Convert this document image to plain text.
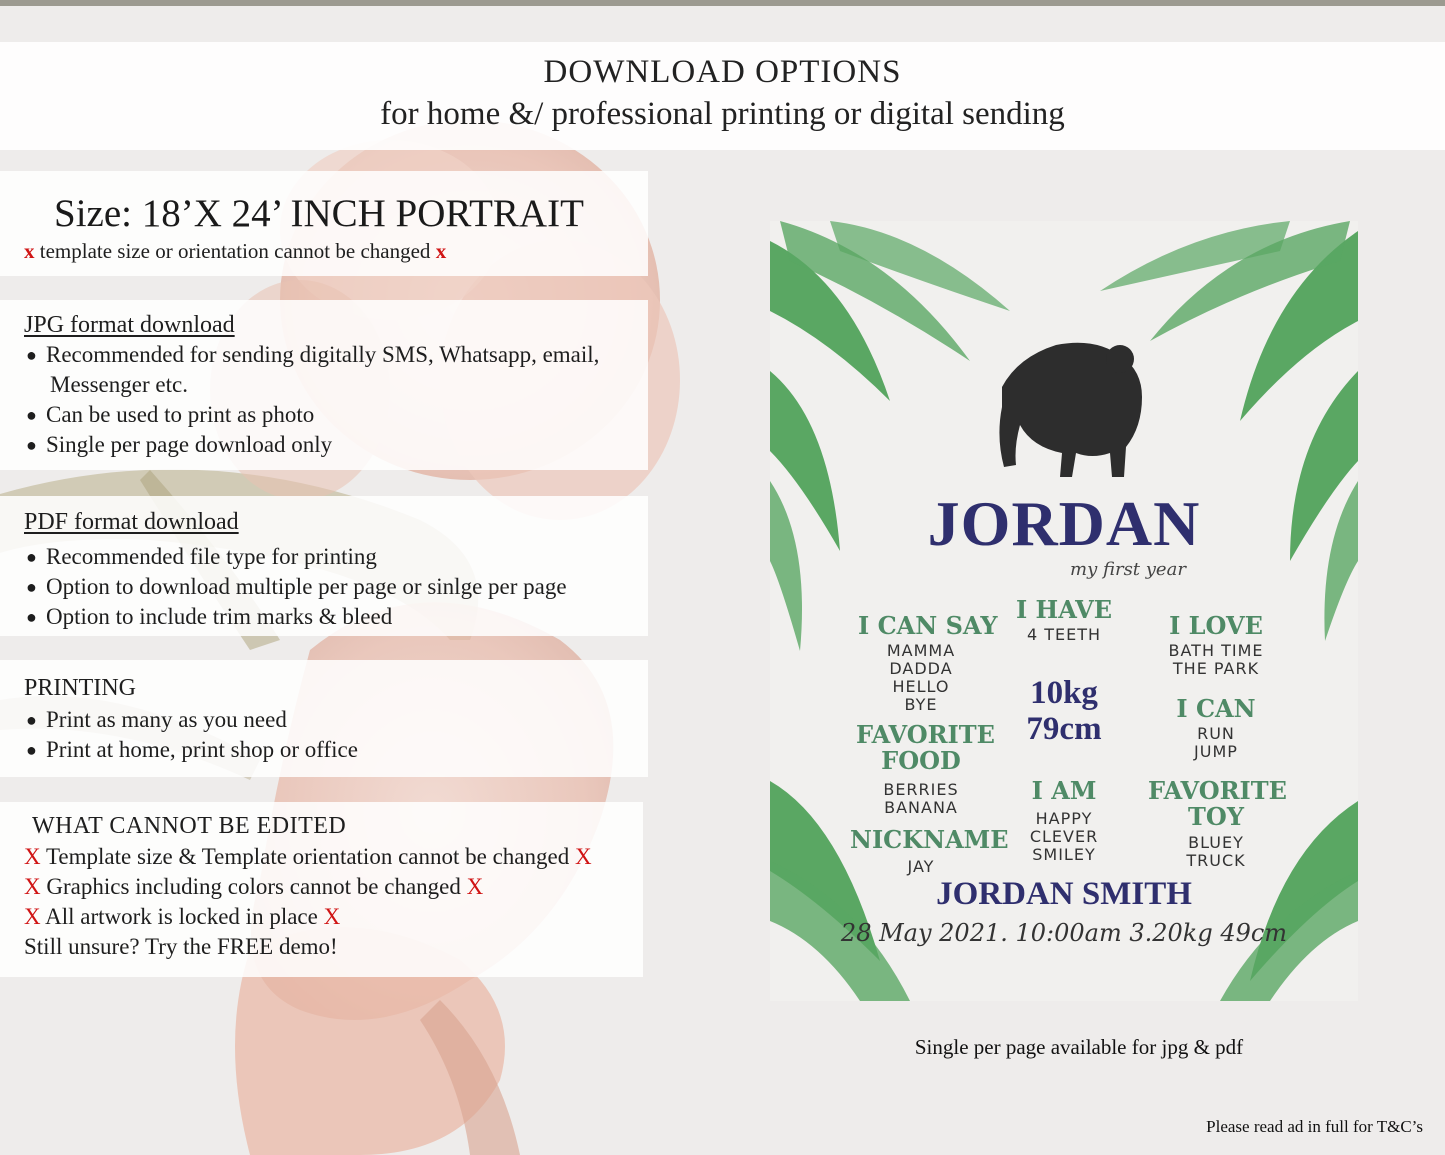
DOWNLOAD OPTIONS
for home &/ professional printing or digital sending
Size: 18’X 24’ INCH PORTRAIT
x template size or orientation cannot be changed x
JPG format download
● Recommended for sending digitally SMS, Whatsapp, email,
Messenger etc.
● Can be used to print as photo
● Single per page download only
PDF format download
● Recommended file type for printing
● Option to download multiple per page or sinlge per page
● Option to include trim marks & bleed
PRINTING
● Print as many as you need
● Print at home, print shop or office
WHAT CANNOT BE EDITED
X Template size & Template orientation cannot be changed X
X Graphics including colors cannot be changed X
X All artwork is locked in place X
Still unsure? Try the FREE demo!
JORDAN
my first year
I CAN SAY
MAMMA
DADDA
HELLO
BYE
I HAVE
4 TEETH	I LOVE
BATH TIME
THE PARK
10kg
79cm
I CAN
RUN
JUMP
FAVORITE
FOOD
BERRIES
BANANA
I AM
HAPPY
CLEVER
SMILEY
FAVORITE
TOY
BLUEY
TRUCK
NICKNAME
JAY
JORDAN SMITH
28 May 2021. 10:00am 3.20kg 49cm
Single per page available for jpg & pdf
Please read ad in full for T&C’s
